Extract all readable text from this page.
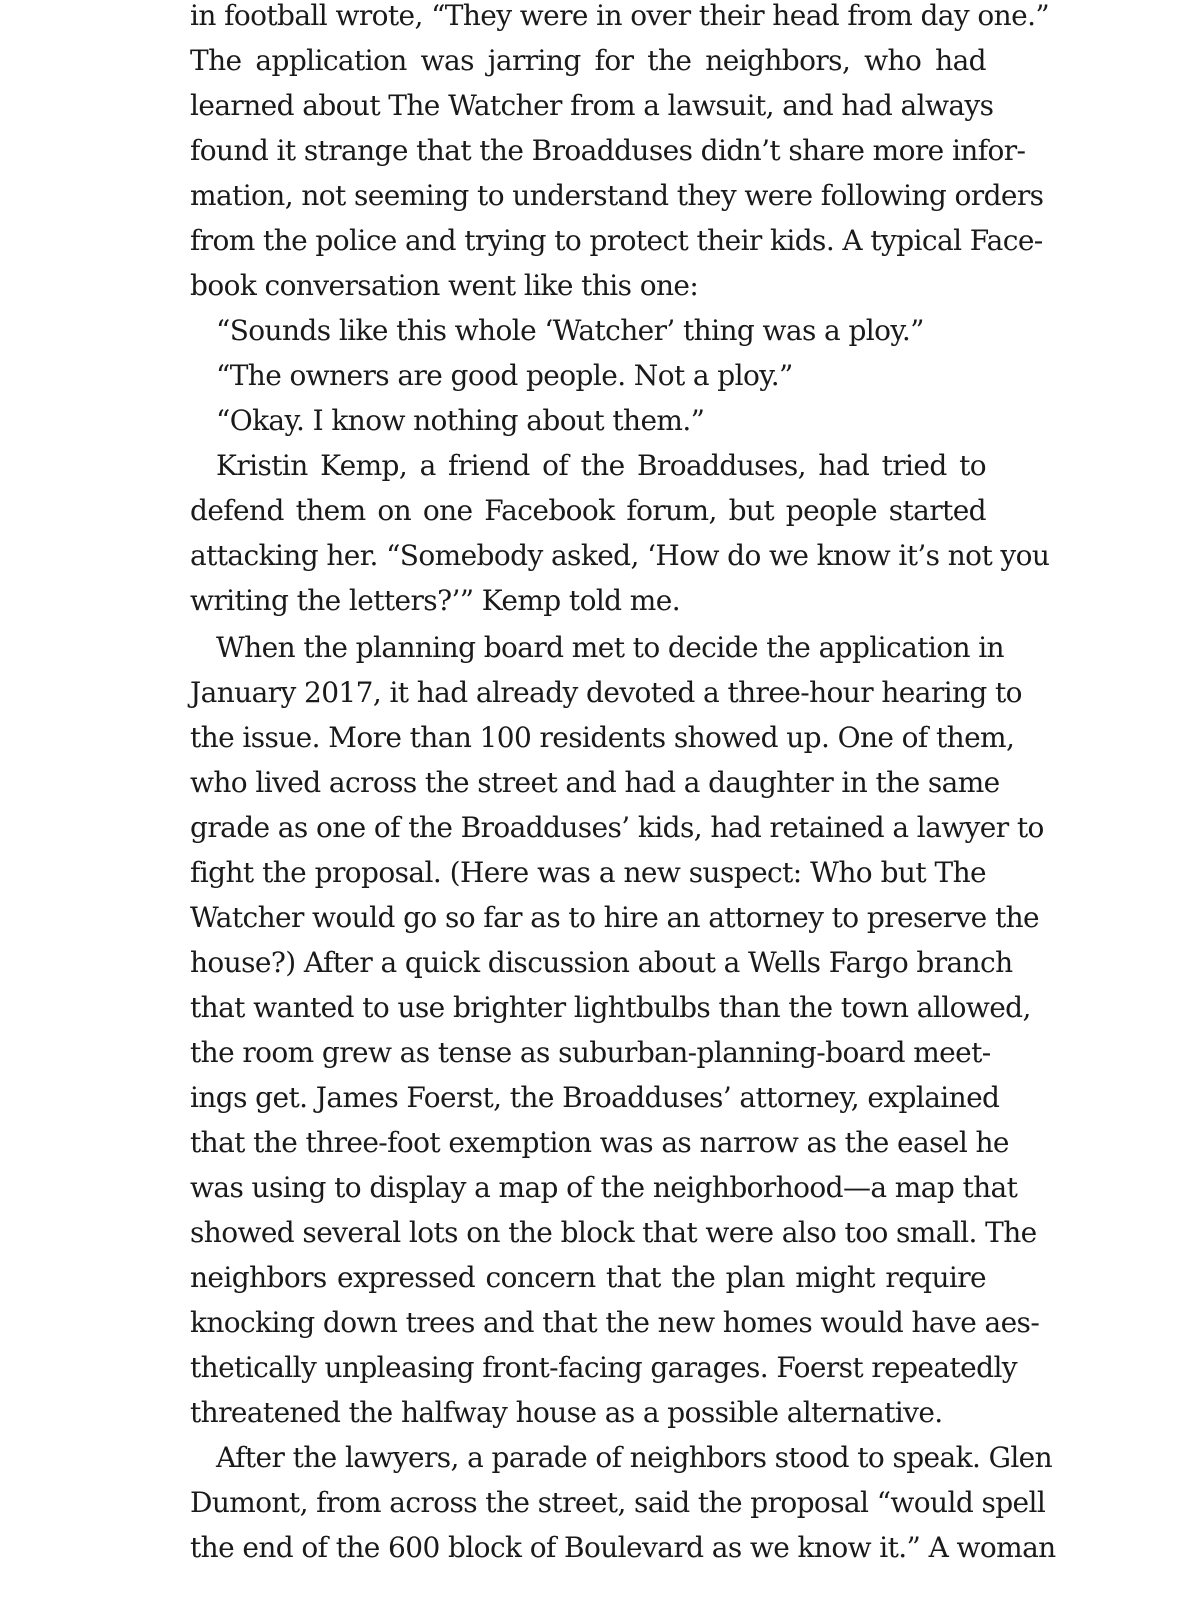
in football wrote, “They were in over their head from day one.”
The application was jarring for the neighbors, who had
learned about The Watcher from a lawsuit, and had always
found it strange that the Broadduses didn’t share more infor-
mation, not seeming to understand they were following orders
from the police and trying to protect their kids. A typical Face-
book conversation went like this one:
“Sounds like this whole ‘Watcher’ thing was a ploy.”
“The owners are good people. Not a ploy.”
“Okay. I know nothing about them.”
Kristin Kemp, a friend of the Broadduses, had tried to
defend them on one Facebook forum, but people started
attacking her. “Somebody asked, ‘How do we know it’s not you
writing the letters?’” Kemp told me.
When the planning board met to decide the application in
January 2017, it had already devoted a three-hour hearing to
the issue. More than 100 residents showed up. One of them,
who lived across the street and had a daughter in the same
grade as one of the Broadduses’ kids, had retained a lawyer to
fight the proposal. (Here was a new suspect: Who but The
Watcher would go so far as to hire an attorney to preserve the
house?) After a quick discussion about a Wells Fargo branch
that wanted to use brighter lightbulbs than the town allowed,
the room grew as tense as suburban-planning-board meet-
ings get. James Foerst, the Broadduses’ attorney, explained
that the three-foot exemption was as narrow as the easel he
was using to display a map of the neighborhood—a map that
showed several lots on the block that were also too small. The
neighbors expressed concern that the plan might require
knocking down trees and that the new homes would have aes-
thetically unpleasing front-facing garages. Foerst repeatedly
threatened the halfway house as a possible alternative.
After the lawyers, a parade of neighbors stood to speak. Glen
Dumont, from across the street, said the proposal “would spell
the end of the 600 block of Boulevard as we know it.” A woman
